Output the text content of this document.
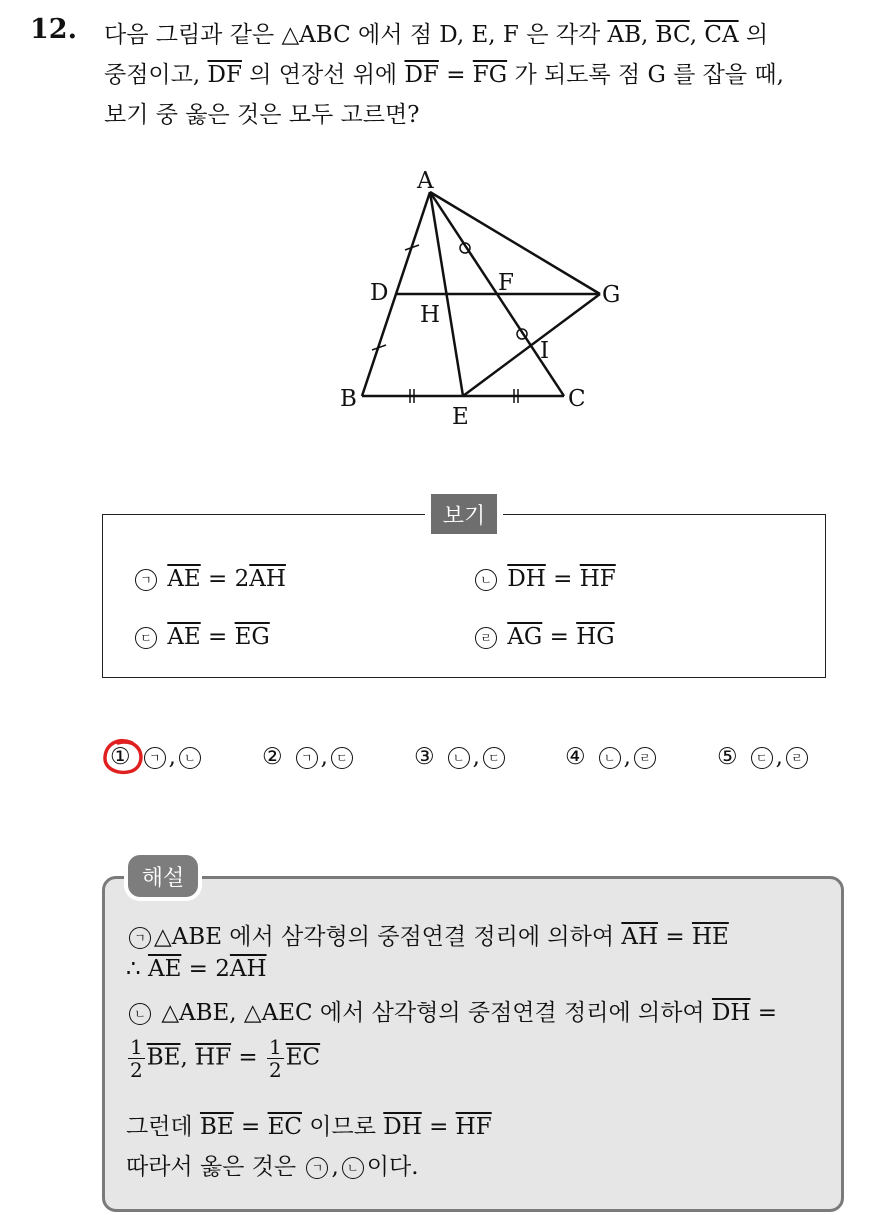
12. 다음 그림과 같은 △ABC 에서 점 D, E, F 은 각각 $\overline{AB}$, $\overline{BC}$, $\overline{CA}$ 의
중점이고, $\overline{DF}$ 의 연장선 위에 $\overline{DF} = \overline{FG}$ 가 되도록 점 G 를 잡을 때,
보기 중 옳은 것은 모두 고르면?
A
B	C
D
E
F	G
H
I
보기
ㄱ $\overline{AE} = 2\overline{AH}$	ㄴ $\overline{DH} = \overline{HF}$
ㄷ $\overline{AE} = \overline{EG}$	ㄹ $\overline{AG} = \overline{HG}$
① ㄱ , ㄴ	② ㄱ , ㄷ	③ ㄴ , ㄷ	④ ㄴ , ㄹ	⑤ ㄷ , ㄹ
해설
ㄱ △ABE 에서 삼각형의 중점연결 정리에 의하여 $\overline{AH} = \overline{HE}$
∴ $\overline{AE} = 2\overline{AH}$
ㄴ △ABE, △AEC 에서 삼각형의 중점연결 정리에 의하여 $\overline{DH}$ =
$\frac{1}{2} \overline{BE}$, $\overline{HF} = \frac{1}{2} \overline{EC}$
그런데 $\overline{BE} = \overline{EC}$ 이므로 $\overline{DH} = \overline{HF}$
따라서 옳은 것은 ㄱ , ㄴ 이다.
